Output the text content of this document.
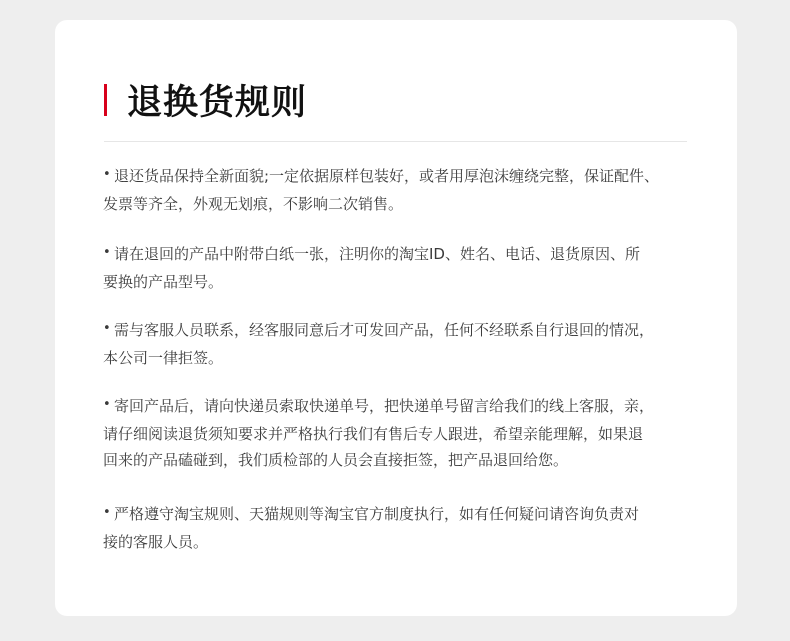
退换货规则
• 退还货品保持全新面貌;一定依据原样包装好，或者用厚泡沫缠绕完整，保证配件、
发票等齐全，外观无划痕，不影响二次销售。
• 请在退回的产品中附带白纸一张，注明你的淘宝ID、姓名、电话、退货原因、所
要换的产品型号。
• 需与客服人员联系，经客服同意后才可发回产品，任何不经联系自行退回的情况，
本公司一律拒签。
• 寄回产品后，请向快递员索取快递单号，把快递单号留言给我们的线上客服，亲，
请仔细阅读退货须知要求并严格执行我们有售后专人跟进，希望亲能理解，如果退
回来的产品磕碰到，我们质检部的人员会直接拒签，把产品退回给您。
• 严格遵守淘宝规则、天猫规则等淘宝官方制度执行，如有任何疑问请咨询负责对
接的客服人员。
